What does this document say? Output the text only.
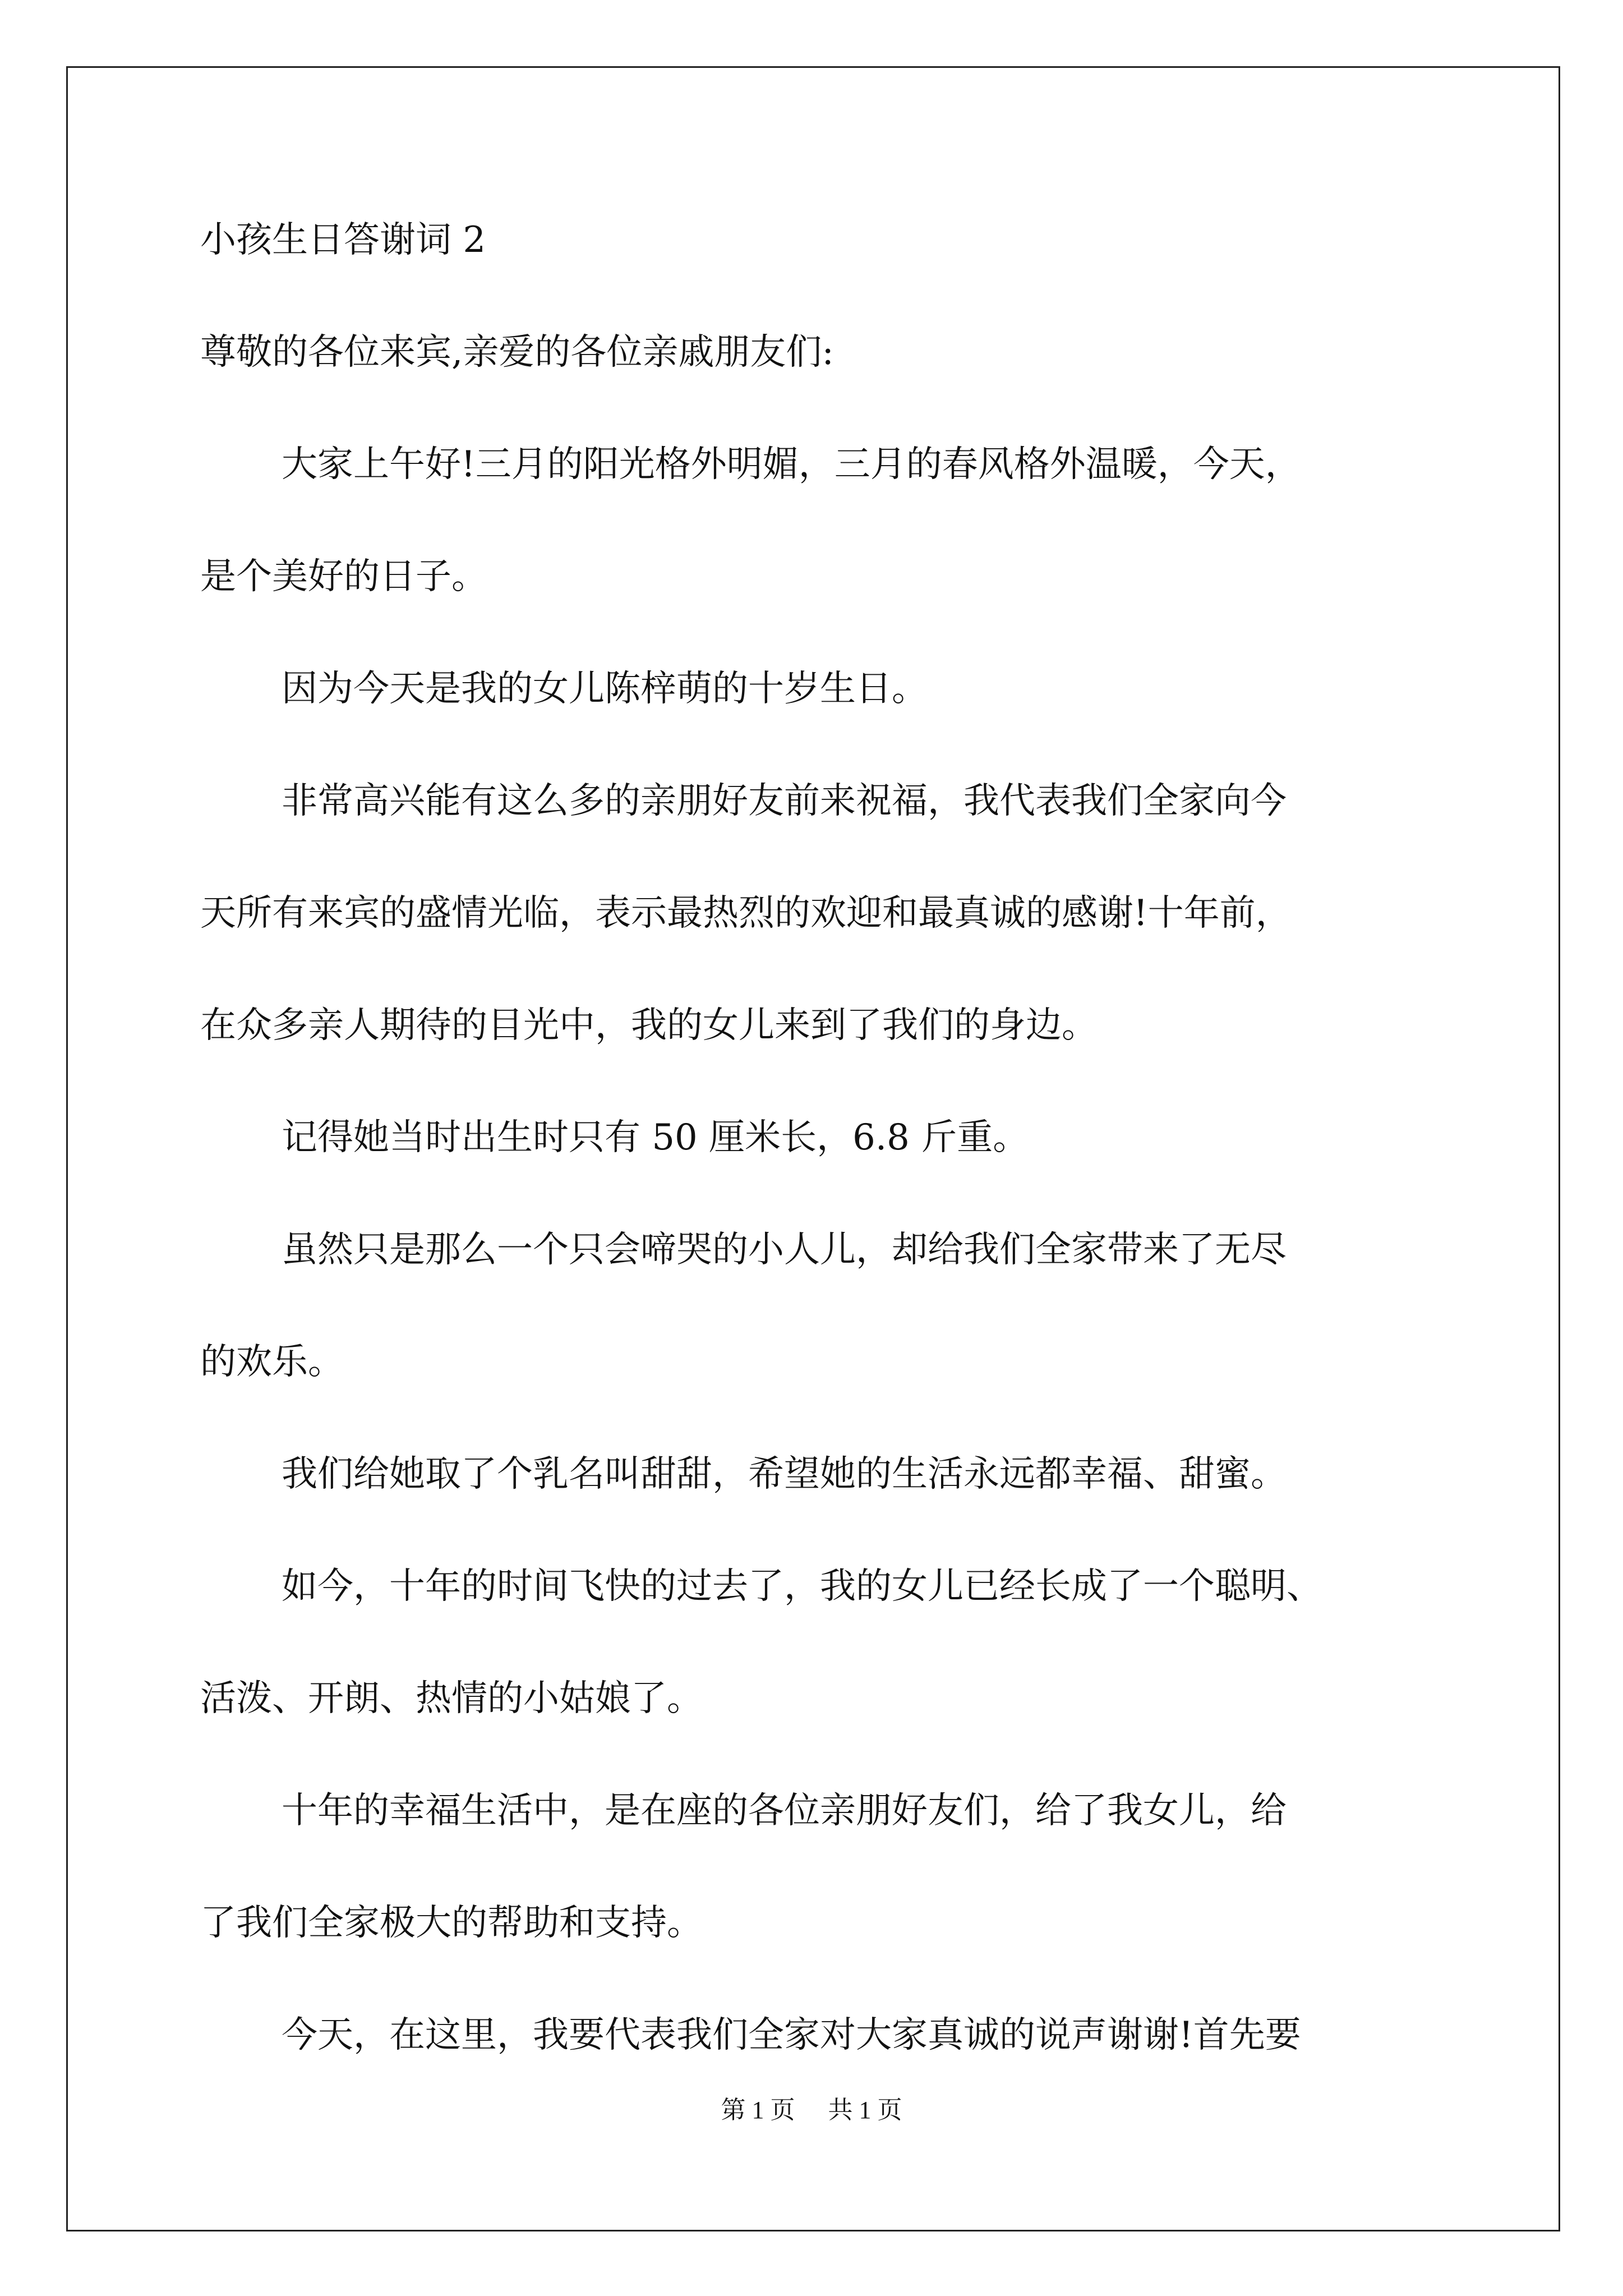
小孩生日答谢词 2

尊敬的各位来宾,亲爱的各位亲戚朋友们:

大家上午好!三月的阳光格外明媚，三月的春风格外温暖，今天，

是个美好的日子。

因为今天是我的女儿陈梓萌的十岁生日。

非常高兴能有这么多的亲朋好友前来祝福，我代表我们全家向今

天所有来宾的盛情光临，表示最热烈的欢迎和最真诚的感谢!十年前，

在众多亲人期待的目光中，我的女儿来到了我们的身边。

记得她当时出生时只有 50 厘米长，6.8 斤重。

虽然只是那么一个只会啼哭的小人儿，却给我们全家带来了无尽

的欢乐。

我们给她取了个乳名叫甜甜，希望她的生活永远都幸福、甜蜜。

如今，十年的时间飞快的过去了，我的女儿已经长成了一个聪明、

活泼、开朗、热情的小姑娘了。

十年的幸福生活中，是在座的各位亲朋好友们，给了我女儿，给

了我们全家极大的帮助和支持。

今天，在这里，我要代表我们全家对大家真诚的说声谢谢!首先要

第 1 页 共 1 页
